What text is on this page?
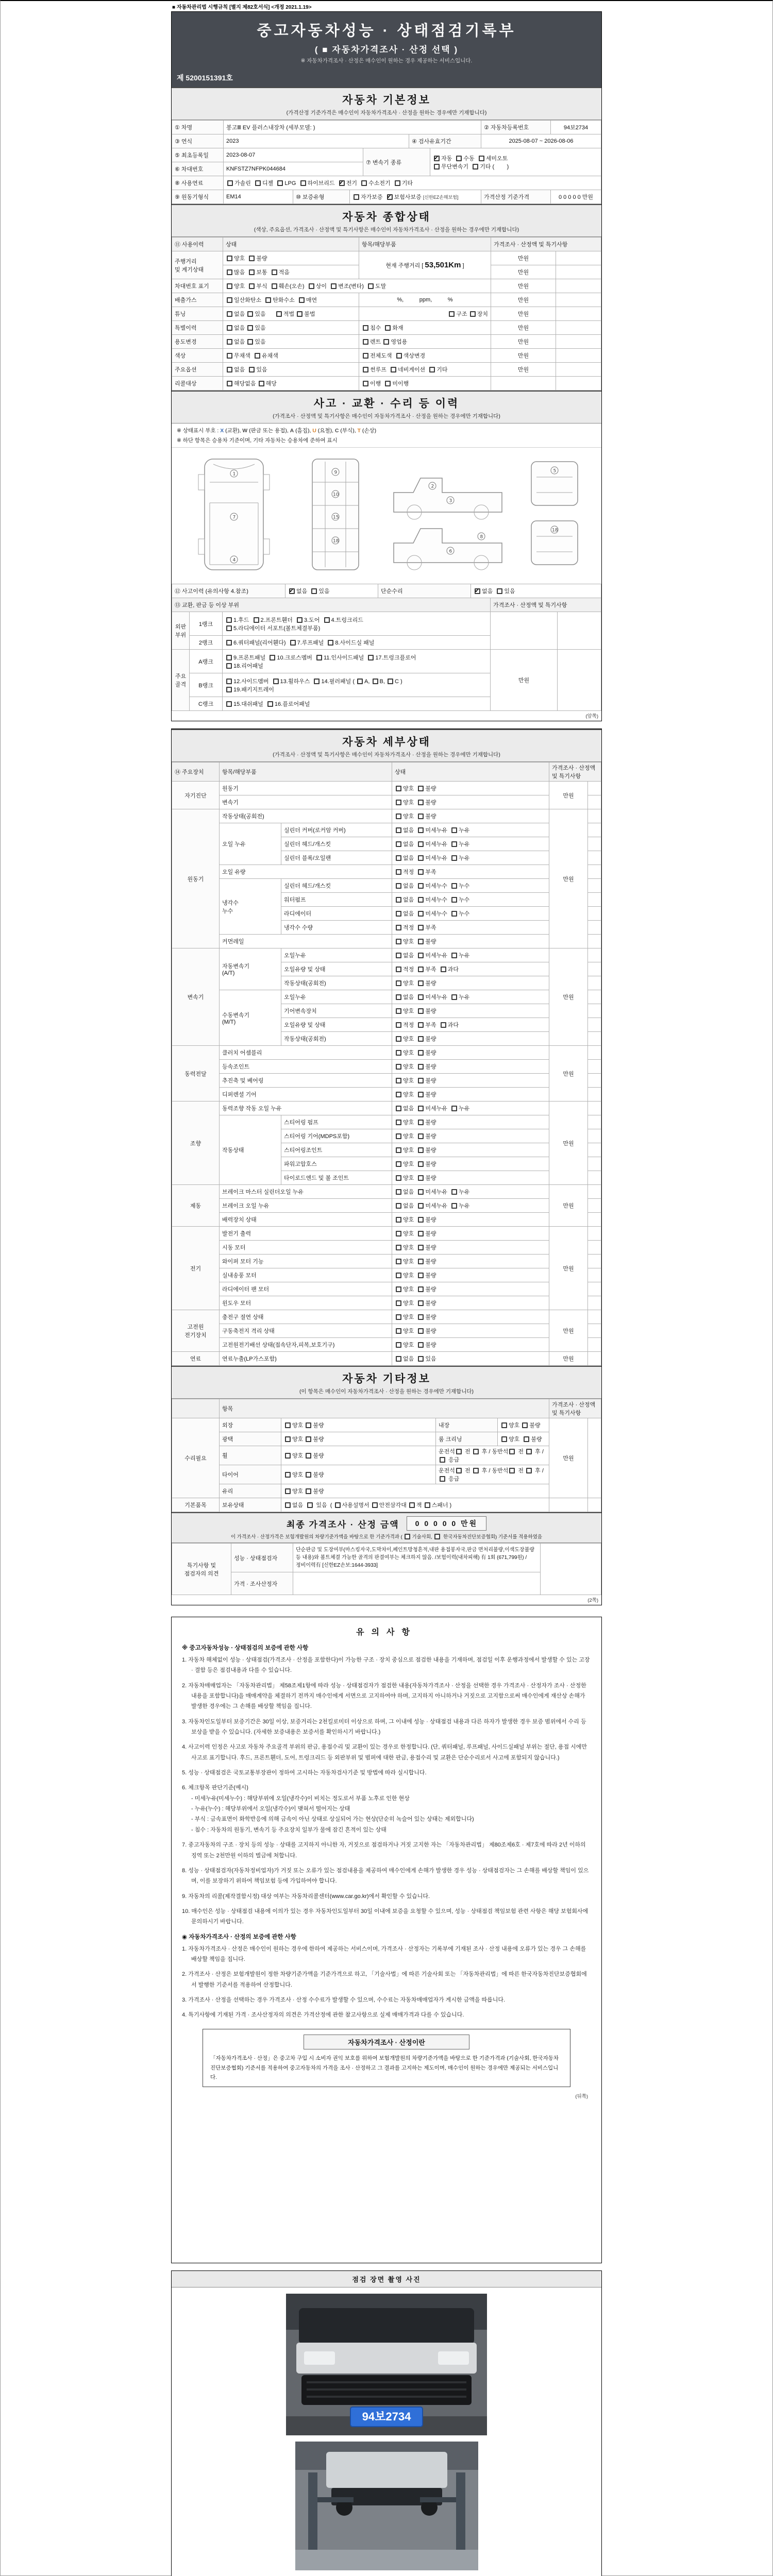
■ 자동차관리법 시행규칙 [별지 제82호서식] <개정 2021.1.19>
중고자동차성능 · 상태점검기록부
( ■ 자동차가격조사 · 산정 선택 )
※ 자동차가격조사 · 산정은 매수인이 원하는 경우 제공하는 서비스입니다.
제 5200151391호
자동차 기본정보
(가격산정 기준가격은 매수인이 자동차가격조사 · 산정을 원하는 경우에만 기재합니다)
① 차명	봉고Ⅲ EV 플러스내장차 (세부모델: )	② 자동차등록번호	94보2734
③ 연식	2023	④ 검사유효기간	2025-08-07 ~ 2026-08-06
⑤ 최초등록일	2023-08-07	⑦ 변속기 종류	✔자동  수동  세미오토
무단변속기  기타 (        )
⑥ 차대번호	KNFSTZ7NFPK044684		
⑧ 사용연료	가솔린  디젤  LPG  하이브리드  ✔전기  수소전기  기타
⑨ 원동기형식	EM14	⑩ 보증유형	자가보증  ✔보험사보증 [신한EZ손해보험]	가격산정 기준가격	0 0 0 0 0 만원
자동차 종합상태
(색상, 주요옵션, 가격조사 · 산정액 및 특기사항은 매수인이 자동차가격조사 · 산정을 원하는 경우에만 기재합니다)
⑪ 사용이력	상태	항목/해당부품	가격조사 · 산정액 및 특기사항	
주행거리
및 계기상태	양호  불량	현재 주행거리 [ 53,501Km ]	만원	
	많음  보통  적음		만원	
차대번호 표기	양호  부식  훼손(오손)  상이  변조(변타)  도말		만원	
배출가스	일산화탄소  탄화수소  매연	%,          ppm,          %	만원	
튜닝	없음 있음      적법 불법	구조 장치	만원	
특별이력	없음 있음	침수  화재	만원	
용도변경	없음 있음	렌트 영업용	만원	
색상	무채색  유채색	전체도색  색상변경	만원	
주요옵션	없음  있음	썬루프  네비게이션  기타	만원	
리콜대상	해당없음 해당	이행  미이행		
사고 · 교환 · 수리 등 이력
(가격조사 · 산정액 및 특기사항은 매수인이 자동차가격조사 · 산정을 원하는 경우에만 기재합니다)
※ 상태표시 부호 : X (교환), W (판금 또는 용접), A (흠집), U (요철), C (부식), T (손상)
※ 하단 항목은 승용차 기준이며, 기타 자동차는 승용차에 준하여 표시
1
7
4
9
10
15
18
2
3
6
8
5
18
⑫ 사고이력 (유의사항 4.참조)	✔없음  있음	단순수리	✔없음  있음
⑬ 교환, 판금 등 이상 부위			가격조사 · 산정액 및 특기사항	
외판
부위	1랭크	1.후드  2.프론트휀더  3.도어  4.트렁크리드
5.라디에이터 서포트(볼트체결부품)		
	2랭크	6.쿼터패널(리어휀다)  7.루프패널  8.사이드실 패널		
주요
골격	A랭크	9.프론트패널  10.크로스멤버  11.인사이드패널  17.트렁크플로어
18.리어패널	만원	
	B랭크	12.사이드멤버  13.휠하우스  14.필러패널 ( A, B, C )
19.패키지트레이		
	C랭크	15.대쉬패널  16.플로어패널		
(앞쪽)
자동차 세부상태
(가격조사 · 산정액 및 특기사항은 매수인이 자동차가격조사 · 산정을 원하는 경우에만 기재합니다)
⑭ 주요장치	항목/해당부품		상태	가격조사 · 산정액 및 특기사항	
자기진단	원동기		양호  불량	만원	
	변속기		양호  불량		
원동기	작동상태(공회전)		양호  불량	만원	
	오일 누유	실린더 커버(로커암 커버)	없음  미세누유  누유		
		실린더 헤드/개스킷	없음  미세누유  누유		
		실린더 블록/오일팬	없음  미세누유  누유		
	오일 유량		적정  부족		
	냉각수
누수	실린더 헤드/개스킷	없음  미세누수  누수		
		워터펌프	없음  미세누수  누수		
		라디에이터	없음  미세누수  누수		
		냉각수 수량	적정  부족		
	커먼레일		양호  불량		
변속기	자동변속기
(A/T)	오일누유	없음  미세누유  누유	만원	
		오일유량 및 상태	적정  부족  과다		
		작동상태(공회전)	양호  불량		
	수동변속기
(M/T)	오일누유	없음  미세누유  누유		
		기어변속장치	양호  불량		
		오일유량 및 상태	적정  부족  과다		
		작동상태(공회전)	양호  불량		
동력전달	클러치 어셈블리		양호  불량	만원	
	등속조인트		양호  불량		
	추진축 및 베어링		양호  불량		
	디퍼렌셜 기어		양호  불량		
조향	동력조향 작동 오일 누유		없음  미세누유  누유	만원	
	작동상태	스티어링 펌프	양호  불량		
		스티어링 기어(MDPS포함)	양호  불량		
		스티어링조인트	양호  불량		
		파워고압호스	양호  불량		
		타이로드엔드 및 볼 조인트	양호  불량		
제동	브레이크 마스터 실린더오일 누유		없음  미세누유  누유	만원	
	브레이크 오일 누유		없음  미세누유  누유		
	배력장치 상태		양호  불량		
전기	발전기 출력		양호  불량	만원	
	시동 모터		양호  불량		
	와이퍼 모터 기능		양호  불량		
	실내송풍 모터		양호  불량		
	라디에이터 팬 모터		양호  불량		
	윈도우 모터		양호  불량		
고전원
전기장치	충전구 절연 상태		양호  불량	만원	
	구동축전지 격리 상태		양호  불량		
	고전원전기배선 상태(접속단자,피복,보호기구)		양호  불량		
연료	연료누출(LP가스포함)		없음  있음	만원	
자동차 기타정보
(이 항목은 매수인이 자동차가격조사 · 산정을 원하는 경우에만 기재합니다)
	항목				가격조사 · 산정액 및 특기사항	
수리필요	외장	양호 불량	내장	양호 불량	만원	
	광택	양호 불량	룸 크리닝	양호  불량		
	휠	양호 불량	운전석 전  후 / 동반석 전  후 /  응급			
	타이어	양호 불량	운전석 전  후 / 동반석 전  후 /  응급			
	유리	양호 불량				
기본품목	보유상태	없음   있음  ( 사용설명서 안전삼각대 잭 스패너 )				
최종 가격조사 · 산정 금액	0 0 0 0 0 만원
이 가격조사 · 산정가격은 보험개발원의 차량기준가액을 바탕으로 한 기준가격과 ( 기술사회,  한국자동차진단보증협회) 기준서를 적용하였음
특기사항 및
점검자의 의견	성능 · 상태점검자	단순판금 및 도장여부(마스킹자국,도막차이,페인트방청흔적,내판 용접봉자국,판금 면처리불량,이색도장불량 등 내용)와 볼트체결 가능한 골격의 판결여부는 체크하지 않음. /보험이력(내차피해) 有 1회 (671,799원) /정비이력有 [신한EZ손보:1644-3933]	
	가격 · 조사산정자		
(2쪽)
유의사항
※ 중고자동차성능 · 상태점검의 보증에 관한 사항
1. 자동차 해체없이 성능 · 상태점검(가격조사 · 산정을 포함한다)이 가능한 구조 · 장치 중심으로 점검한 내용을 기재하며, 점검일 이후 운행과정에서 발생할 수 있는 고장 · 결함 등은 점검내용과 다를 수 있습니다.
2. 자동차매매업자는 「자동차관리법」 제58조제1항에 따라 성능 · 상태점검자가 점검한 내용(자동차가격조사 · 산정을 선택한 경우 가격조사 · 산정자가 조사 · 산정한 내용을 포함합니다)을 매매계약을 체결하기 전까지 매수인에게 서면으로 고지하여야 하며, 고지하지 아니하거나 거짓으로 고지함으로써 매수인에게 재산상 손해가 발생한 경우에는 그 손해를 배상할 책임을 집니다.
3. 자동차인도일부터 보증기간은 30일 이상, 보증거리는 2천킬로미터 이상으로 하며, 그 이내에 성능 · 상태점검 내용과 다른 하자가 발생한 경우 보증 범위에서 수리 등 보상을 받을 수 있습니다. (자세한 보증내용은 보증서를 확인하시기 바랍니다.)
4. 사고이력 인정은 사고로 자동차 주요골격 부위의 판금, 용접수리 및 교환이 있는 경우로 한정합니다. (단, 쿼터패널, 루프패널, 사이드실패널 부위는 절단, 용접 시에만 사고로 표기합니다. 후드, 프론트휀더, 도어, 트렁크리드 등 외판부위 및 범퍼에 대한 판금, 용접수리 및 교환은 단순수리로서 사고에 포함되지 않습니다.)
5. 성능 · 상태점검은 국토교통부장관이 정하여 고시하는 자동차검사기준 및 방법에 따라 실시합니다.
6. 체크항목 판단기준(예시)
- 미세누유(미세누수) : 해당부위에 오일(냉각수)이 비치는 정도로서 부품 노후로 인한 현상
- 누유(누수) : 해당부위에서 오일(냉각수)이 맺혀서 떨어지는 상태
- 부식 : 금속표면이 화학반응에 의해 금속이 아닌 상태로 상실되어 가는 현상(단순히 녹슬어 있는 상태는 제외합니다)
- 침수 : 자동차의 원동기, 변속기 등 주요장치 일부가 물에 잠긴 흔적이 있는 상태
7. 중고자동차의 구조 · 장치 등의 성능 · 상태를 고지하지 아니한 자, 거짓으로 점검하거나 거짓 고지한 자는 「자동차관리법」 제80조제6호 · 제7호에 따라 2년 이하의 징역 또는 2천만원 이하의 벌금에 처합니다.
8. 성능 · 상태점검자(자동차정비업자)가 거짓 또는 오류가 있는 점검내용을 제공하여 매수인에게 손해가 발생한 경우 성능 · 상태점검자는 그 손해를 배상할 책임이 있으며, 이를 보장하기 위하여 책임보험 등에 가입하여야 합니다.
9. 자동차의 리콜(제작결함시정) 대상 여부는 자동차리콜센터(www.car.go.kr)에서 확인할 수 있습니다.
10. 매수인은 성능 · 상태점검 내용에 이의가 있는 경우 자동차인도일부터 30일 이내에 보증을 요청할 수 있으며, 성능 · 상태점검 책임보험 관련 사항은 해당 보험회사에 문의하시기 바랍니다.
◉ 자동차가격조사 · 산정의 보증에 관한 사항
1. 자동차가격조사 · 산정은 매수인이 원하는 경우에 한하여 제공하는 서비스이며, 가격조사 · 산정자는 기록부에 기재된 조사 · 산정 내용에 오류가 있는 경우 그 손해를 배상할 책임을 집니다.
2. 가격조사 · 산정은 보험개발원이 정한 차량기준가액을 기준가격으로 하고, 「기술사법」에 따른 기술사회 또는 「자동차관리법」에 따른 한국자동차진단보증협회에서 발행한 기준서를 적용하여 산정합니다.
3. 가격조사 · 산정을 선택하는 경우 가격조사 · 산정 수수료가 발생할 수 있으며, 수수료는 자동차매매업자가 게시한 금액을 따릅니다.
4. 특기사항에 기재된 가격 · 조사산정자의 의견은 가격산정에 관한 참고사항으로 실제 매매가격과 다를 수 있습니다.
자동차가격조사 · 산정이란
「자동차가격조사 · 산정」은 중고차 구입 시 소비자 권익 보호를 위하여 보험개발원의 차량기준가액을 바탕으로 한 기준가격과 (기술사회, 한국자동차진단보증협회) 기준서를 적용하여 중고자동차의 가격을 조사 · 산정하고 그 결과를 고지하는 제도이며, 매수인이 원하는 경우에만 제공되는 서비스입니다.
(뒤쪽)
점검 장면 촬영 사진
94보2734
